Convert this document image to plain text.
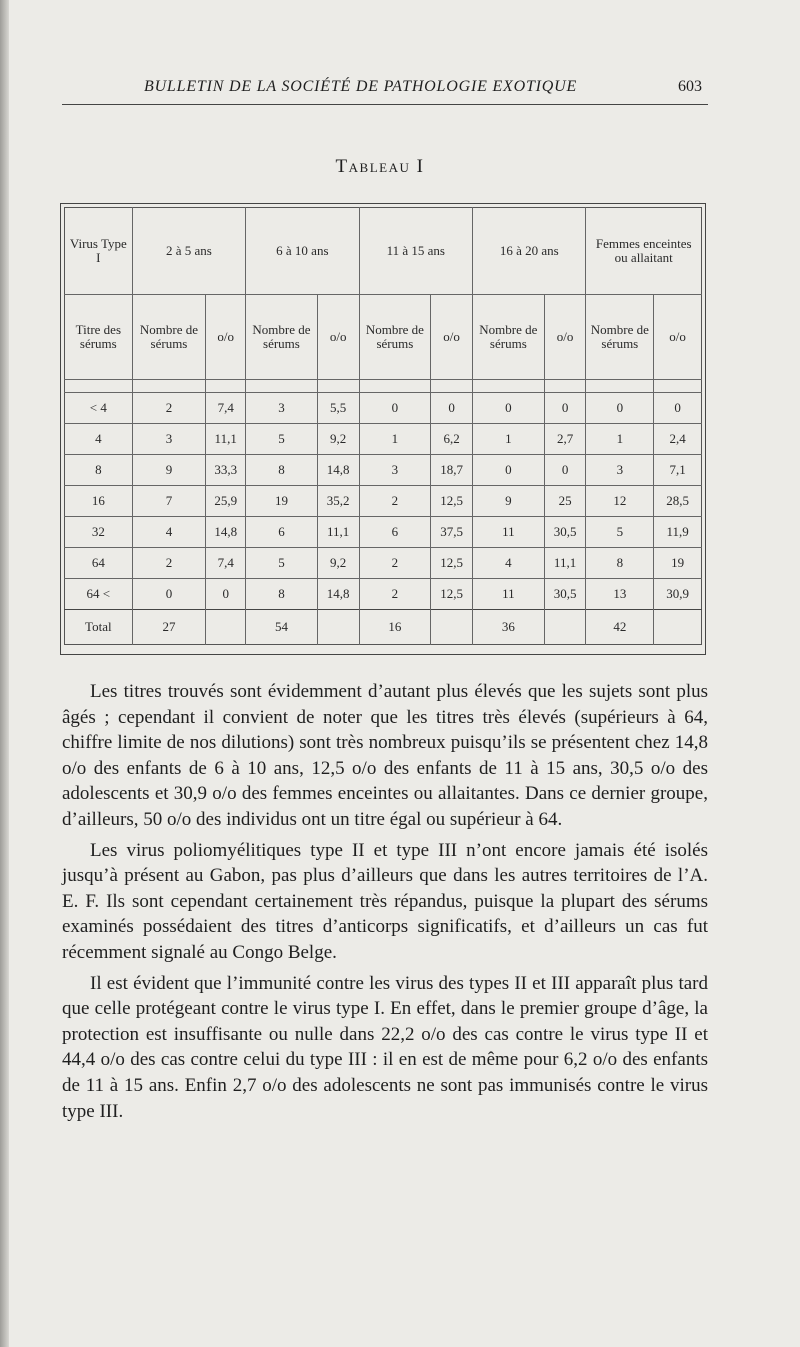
BULLETIN DE LA SOCIÉTÉ DE PATHOLOGIE EXOTIQUE	603
Tableau I
Virus Type I	2 à 5 ans		6 à 10 ans		11 à 15 ans		16 à 20 ans		Femmes enceintes ou allaitant	
Titre des sérums	Nombre de sérums	o/o	Nombre de sérums	o/o	Nombre de sérums	o/o	Nombre de sérums	o/o	Nombre de sérums	o/o

< 4	2	7,4	3	5,5	0	0	0	0	0	0
4	3	11,1	5	9,2	1	6,2	1	2,7	1	2,4
8	9	33,3	8	14,8	3	18,7	0	0	3	7,1
16	7	25,9	19	35,2	2	12,5	9	25	12	28,5
32	4	14,8	6	11,1	6	37,5	11	30,5	5	11,9
64	2	7,4	5	9,2	2	12,5	4	11,1	8	19
64 <	0	0	8	14,8	2	12,5	11	30,5	13	30,9
Total	27		54		16		36		42	

Les titres trouvés sont évidemment d’autant plus élevés que les sujets sont plus âgés ; cependant il convient de noter que les titres très élevés (supérieurs à 64, chiffre limite de nos dilutions) sont très nombreux puisqu’ils se présentent chez 14,8 o/o des enfants de 6 à 10 ans, 12,5 o/o des enfants de 11 à 15 ans, 30,5 o/o des adolescents et 30,9 o/o des femmes enceintes ou allaitantes. Dans ce dernier groupe, d’ailleurs, 50 o/o des individus ont un titre égal ou supérieur à 64.

Les virus poliomyélitiques type II et type III n’ont encore jamais été isolés jusqu’à présent au Gabon, pas plus d’ailleurs que dans les autres territoires de l’A. E. F. Ils sont cependant certainement très répandus, puisque la plupart des sérums examinés possédaient des titres d’anticorps significatifs, et d’ailleurs un cas fut récemment signalé au Congo Belge.

Il est évident que l’immunité contre les virus des types II et III apparaît plus tard que celle protégeant contre le virus type I. En effet, dans le premier groupe d’âge, la protection est insuffisante ou nulle dans 22,2 o/o des cas contre le virus type II et 44,4 o/o des cas contre celui du type III : il en est de même pour 6,2 o/o des enfants de 11 à 15 ans. Enfin 2,7 o/o des adolescents ne sont pas immunisés contre le virus type III.
